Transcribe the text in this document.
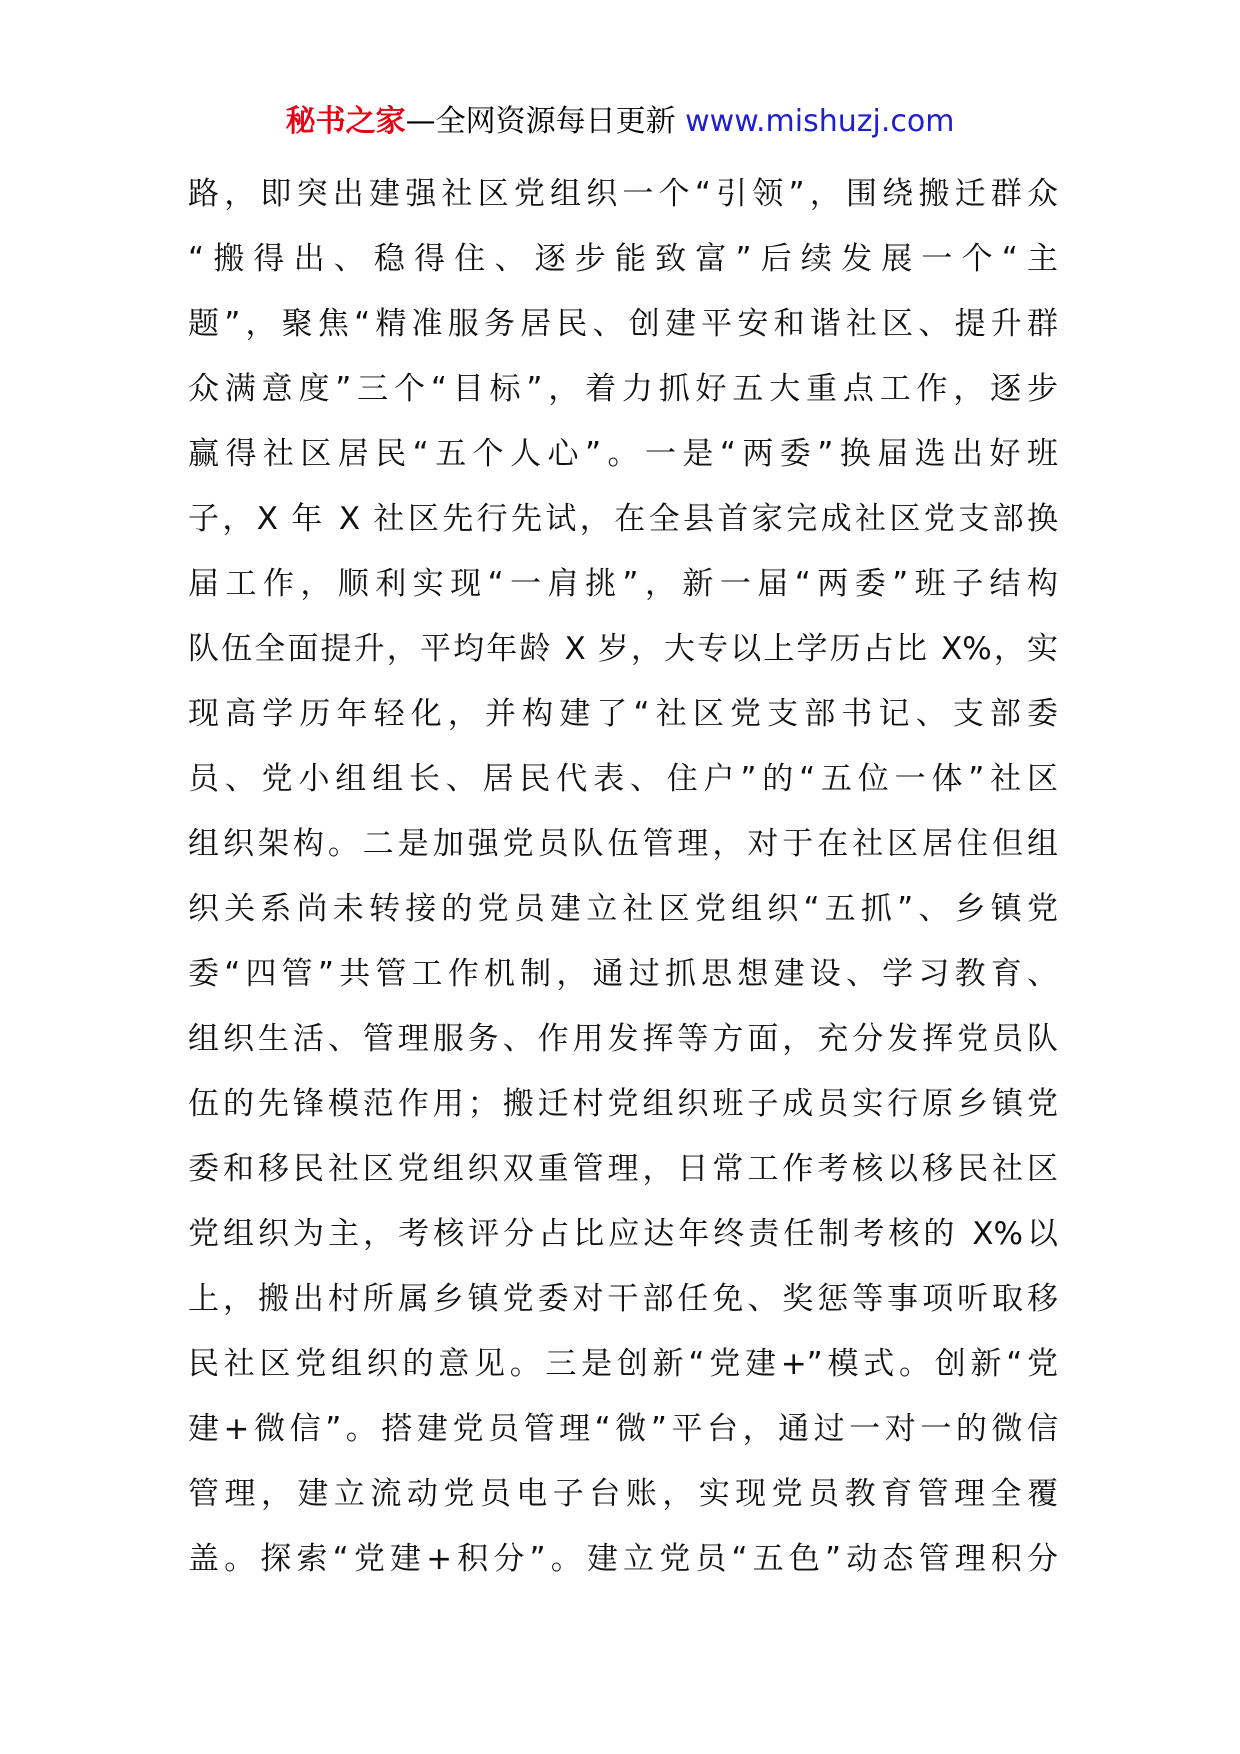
秘书之家—全网资源每日更新 www.mishuzj.com
路，即突出建强社区党组织一个“引领”，围绕搬迁群众
“搬得出、稳得住、逐步能致富”后续发展一个“主
题”，聚焦“精准服务居民、创建平安和谐社区、提升群
众满意度”三个“目标”，着力抓好五大重点工作，逐步
赢得社区居民“五个人心”。一是“两委”换届选出好班
子，X 年 X 社区先行先试，在全县首家完成社区党支部换
届工作，顺利实现“一肩挑”，新一届“两委”班子结构
队伍全面提升，平均年龄 X 岁，大专以上学历占比 X%，实
现高学历年轻化，并构建了“社区党支部书记、支部委
员、党小组组长、居民代表、住户”的“五位一体”社区
组织架构。二是加强党员队伍管理，对于在社区居住但组
织关系尚未转接的党员建立社区党组织“五抓”、乡镇党
委“四管”共管工作机制，通过抓思想建设、学习教育、
组织生活、管理服务、作用发挥等方面，充分发挥党员队
伍的先锋模范作用；搬迁村党组织班子成员实行原乡镇党
委和移民社区党组织双重管理，日常工作考核以移民社区
党组织为主，考核评分占比应达年终责任制考核的 X%以
上，搬出村所属乡镇党委对干部任免、奖惩等事项听取移
民社区党组织的意见。三是创新“党建+”模式。创新“党
建+微信”。搭建党员管理“微”平台，通过一对一的微信
管理，建立流动党员电子台账，实现党员教育管理全覆
盖。探索“党建+积分”。建立党员“五色”动态管理积分
